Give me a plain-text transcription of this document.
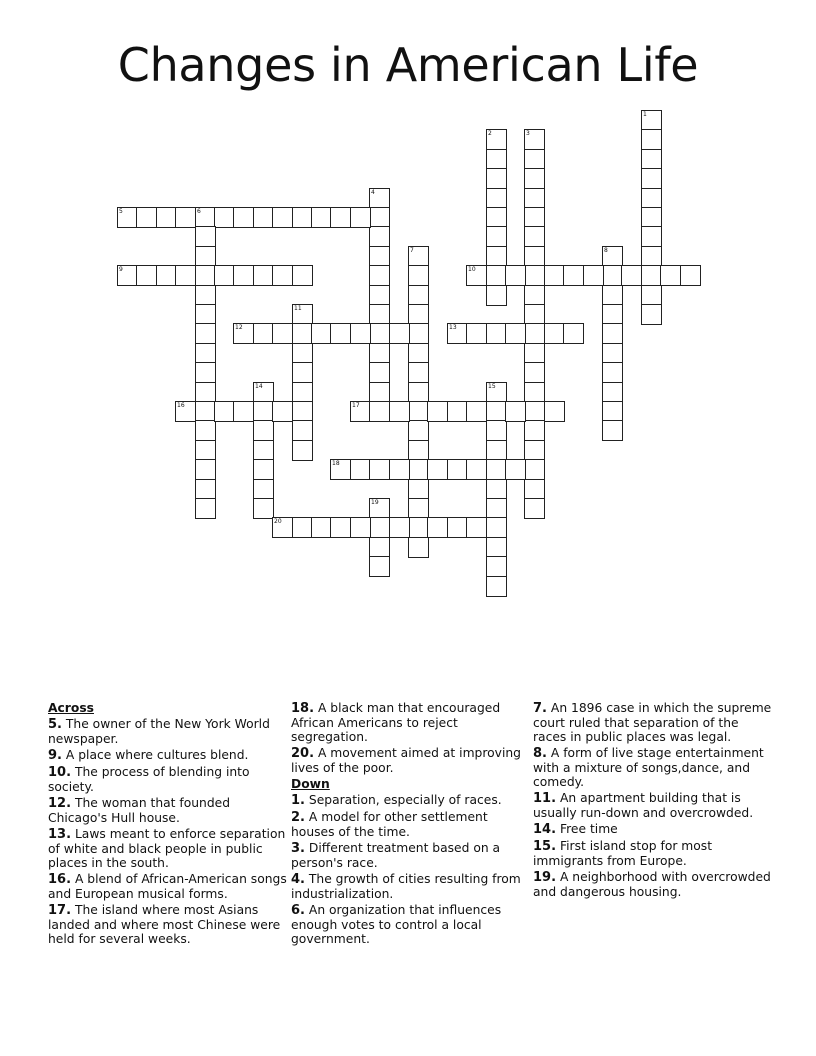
Changes in American Life
1
2	3
4
5	6
7	8
9	10
11
12	13
14	15
16	17
18
19
20

Across

5. The owner of the New York World newspaper.

9. A place where cultures blend.

10. The process of blending into society.

12. The woman that founded Chicago's Hull house.

13. Laws meant to enforce separation of white and black people in public places in the south.

16. A blend of African-American songs and European musical forms.

17. The island where most Asians landed and where most Chinese were held for several weeks.

18. A black man that encouraged African Americans to reject segregation.

20. A movement aimed at improving lives of the poor.

Down

1. Separation, especially of races.

2. A model for other settlement houses of the time.

3. Different treatment based on a person's race.

4. The growth of cities resulting from industrialization.

6. An organization that influences enough votes to control a local government.

7. An 1896 case in which the supreme court ruled that separation of the races in public places was legal.

8. A form of live stage entertainment with a mixture of songs,dance, and comedy.

11. An apartment building that is usually run-down and overcrowded.

14. Free time

15. First island stop for most immigrants from Europe.

19. A neighborhood with overcrowded and dangerous housing.
